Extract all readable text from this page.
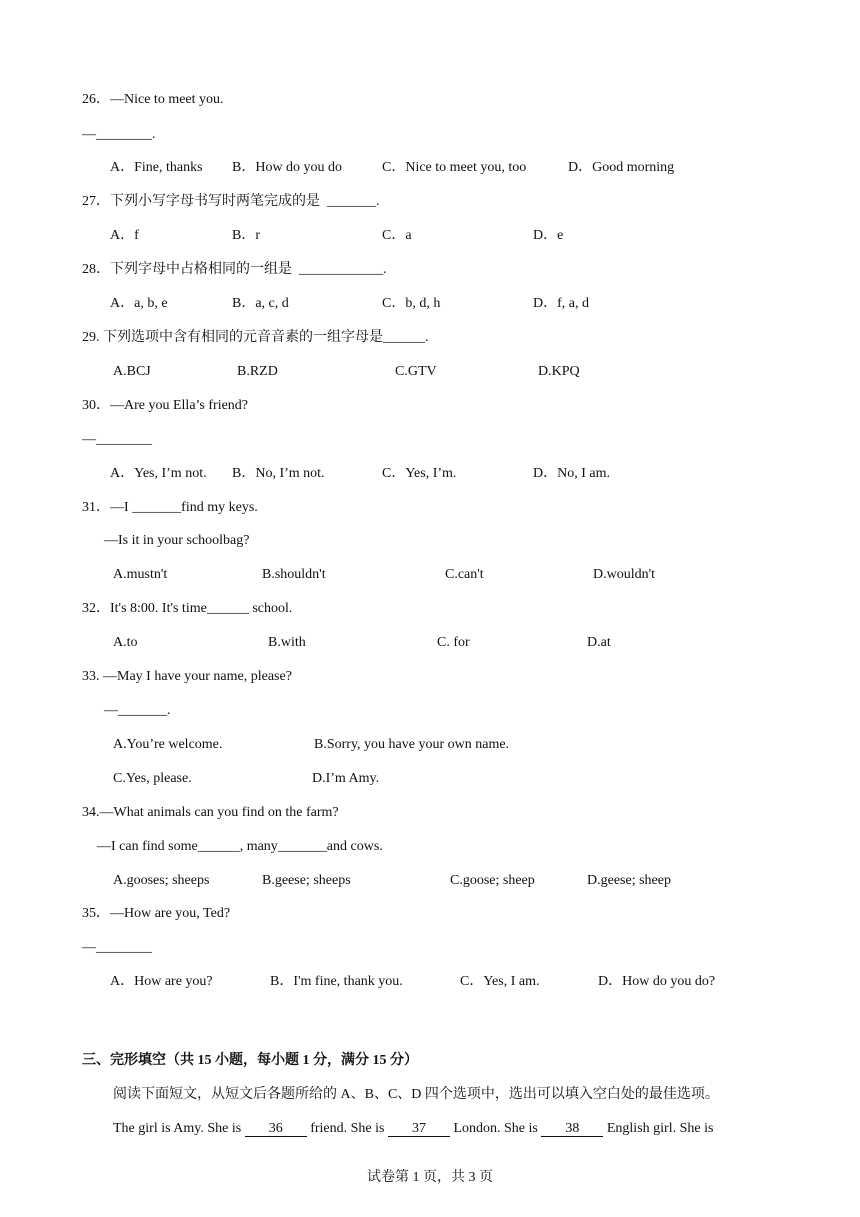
26．—Nice to meet you.
—________.
A．Fine, thanks B．How do you do	C．Nice to meet you, too	D．Good morning
27．下列小写字母书写时两笔完成的是  _______.
A．f	B．r	C．a	D．e
28．下列字母中占格相同的一组是  ____________.
A．a, b, e	B．a, c, d	C．b, d, h	D．f, a, d
29. 下列选项中含有相同的元音音素的一组字母是______.
A.BCJ	B.RZD	C.GTV	D.KPQ
30．—Are you Ella’s friend?
—________
A．Yes, I’m not. B．No, I’m not.	C．Yes, I’m.	D．No, I am.
31．—I _______find my keys.
—Is it in your schoolbag?
A.mustn't	B.shouldn't	C.can't	D.wouldn't
32．It's 8:00. It's time______ school.
A.to	B.with	C. for	D.at
33. —May I have your name, please?
—_______.
A.You’re welcome.	B.Sorry, you have your own name.
C.Yes, please.	D.I’m Amy.
34.—What animals can you find on the farm?
—I can find some______, many_______and cows.
A.gooses; sheeps	B.geese; sheeps	C.goose; sheep	D.geese; sheep
35．—How are you, Ted?
—________
A．How are you?	B．I'm fine, thank you.	C．Yes, I am.	D．How do you do?
三、完形填空（共 15 小题，每小题 1 分，满分 15 分）
阅读下面短文，从短文后各题所给的 A、B、C、D 四个选项中，选出可以填入空白处的最佳选项。
The girl is Amy. She is 36 friend. She is 37 London. She is 38 English girl. She is
试卷第 1 页，共 3 页
